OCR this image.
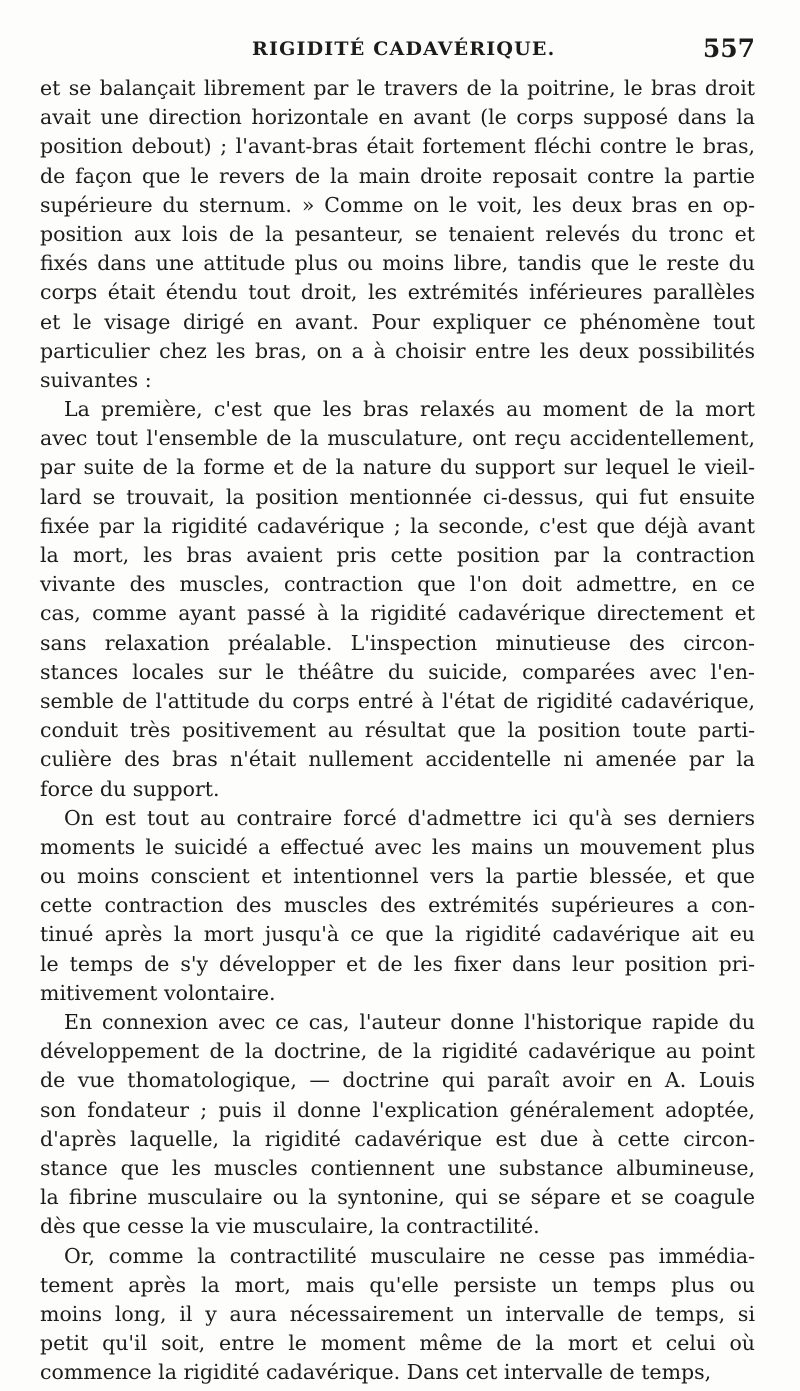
RIGIDITÉ CADAVÉRIQUE.	557
et se balançait librement par le travers de la poitrine, le bras droit
avait une direction horizontale en avant (le corps supposé dans la
position debout) ; l'avant-bras était fortement fléchi contre le bras,
de façon que le revers de la main droite reposait contre la partie
supérieure du sternum. » Comme on le voit, les deux bras en op-
position aux lois de la pesanteur, se tenaient relevés du tronc et
fixés dans une attitude plus ou moins libre, tandis que le reste du
corps était étendu tout droit, les extrémités inférieures parallèles
et le visage dirigé en avant. Pour expliquer ce phénomène tout
particulier chez les bras, on a à choisir entre les deux possibilités
suivantes :
La première, c'est que les bras relaxés au moment de la mort
avec tout l'ensemble de la musculature, ont reçu accidentellement,
par suite de la forme et de la nature du support sur lequel le vieil-
lard se trouvait, la position mentionnée ci-dessus, qui fut ensuite
fixée par la rigidité cadavérique ; la seconde, c'est que déjà avant
la mort, les bras avaient pris cette position par la contraction
vivante des muscles, contraction que l'on doit admettre, en ce
cas, comme ayant passé à la rigidité cadavérique directement et
sans relaxation préalable. L'inspection minutieuse des circon-
stances locales sur le théâtre du suicide, comparées avec l'en-
semble de l'attitude du corps entré à l'état de rigidité cadavérique,
conduit très positivement au résultat que la position toute parti-
culière des bras n'était nullement accidentelle ni amenée par la
force du support.
On est tout au contraire forcé d'admettre ici qu'à ses derniers
moments le suicidé a effectué avec les mains un mouvement plus
ou moins conscient et intentionnel vers la partie blessée, et que
cette contraction des muscles des extrémités supérieures a con-
tinué après la mort jusqu'à ce que la rigidité cadavérique ait eu
le temps de s'y développer et de les fixer dans leur position pri-
mitivement volontaire.
En connexion avec ce cas, l'auteur donne l'historique rapide du
développement de la doctrine, de la rigidité cadavérique au point
de vue thomatologique, — doctrine qui paraît avoir en A. Louis
son fondateur ; puis il donne l'explication généralement adoptée,
d'après laquelle, la rigidité cadavérique est due à cette circon-
stance que les muscles contiennent une substance albumineuse,
la fibrine musculaire ou la syntonine, qui se sépare et se coagule
dès que cesse la vie musculaire, la contractilité.
Or, comme la contractilité musculaire ne cesse pas immédia-
tement après la mort, mais qu'elle persiste un temps plus ou
moins long, il y aura nécessairement un intervalle de temps, si
petit qu'il soit, entre le moment même de la mort et celui où
commence la rigidité cadavérique. Dans cet intervalle de temps,
